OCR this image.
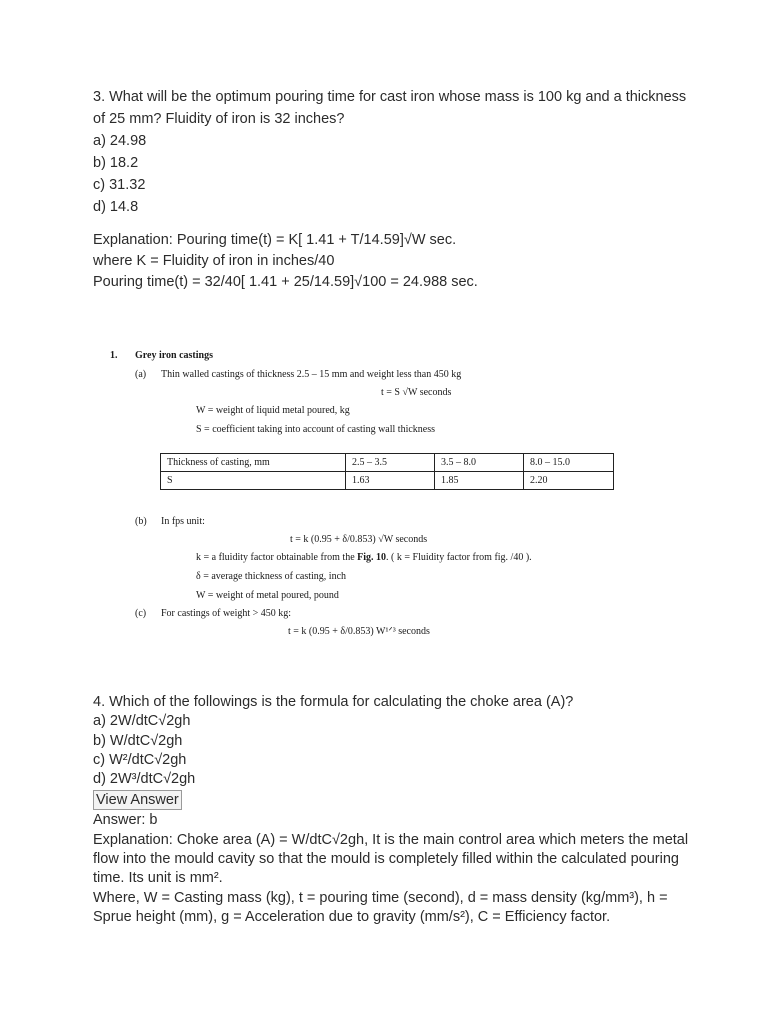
3. What will be the optimum pouring time for cast iron whose mass is 100 kg and a thickness of 25 mm? Fluidity of iron is 32 inches?

a) 24.98

b) 18.2

c) 31.32

d) 14.8

Explanation: Pouring time(t) = K[ 1.41 + T/14.59]√W sec.

where K = Fluidity of iron in inches/40

Pouring time(t) = 32/40[ 1.41 + 25/14.59]√100 = 24.988 sec.

1. Grey iron castings
(a) Thin walled castings of thickness 2.5 – 15 mm and weight less than 450 kg
t = S √W seconds
W = weight of liquid metal poured, kg
S = coefficient taking into account of casting wall thickness
Thickness of casting, mm	2.5 – 3.5	3.5 – 8.0	8.0 – 15.0
S	1.63	1.85	2.20
(b) In fps unit:
t = k (0.95 + δ/0.853) √W seconds
k = a fluidity factor obtainable from the Fig. 10. ( k = Fluidity factor from fig. /40 ).
δ = average thickness of casting, inch
W = weight of metal poured, pound
(c) For castings of weight > 450 kg:
t = k (0.95 + δ/0.853) W¹ᐟ³ seconds

4. Which of the followings is the formula for calculating the choke area (A)?

a) 2W/dtC√2gh

b) W/dtC√2gh

c) W²/dtC√2gh

d) 2W³/dtC√2gh

View Answer

Answer: b

Explanation: Choke area (A) = W/dtC√2gh, It is the main control area which meters the metal flow into the mould cavity so that the mould is completely filled within the calculated pouring time. Its unit is mm².

Where, W = Casting mass (kg), t = pouring time (second), d = mass density (kg/mm³), h = Sprue height (mm), g = Acceleration due to gravity (mm/s²), C = Efficiency factor.
